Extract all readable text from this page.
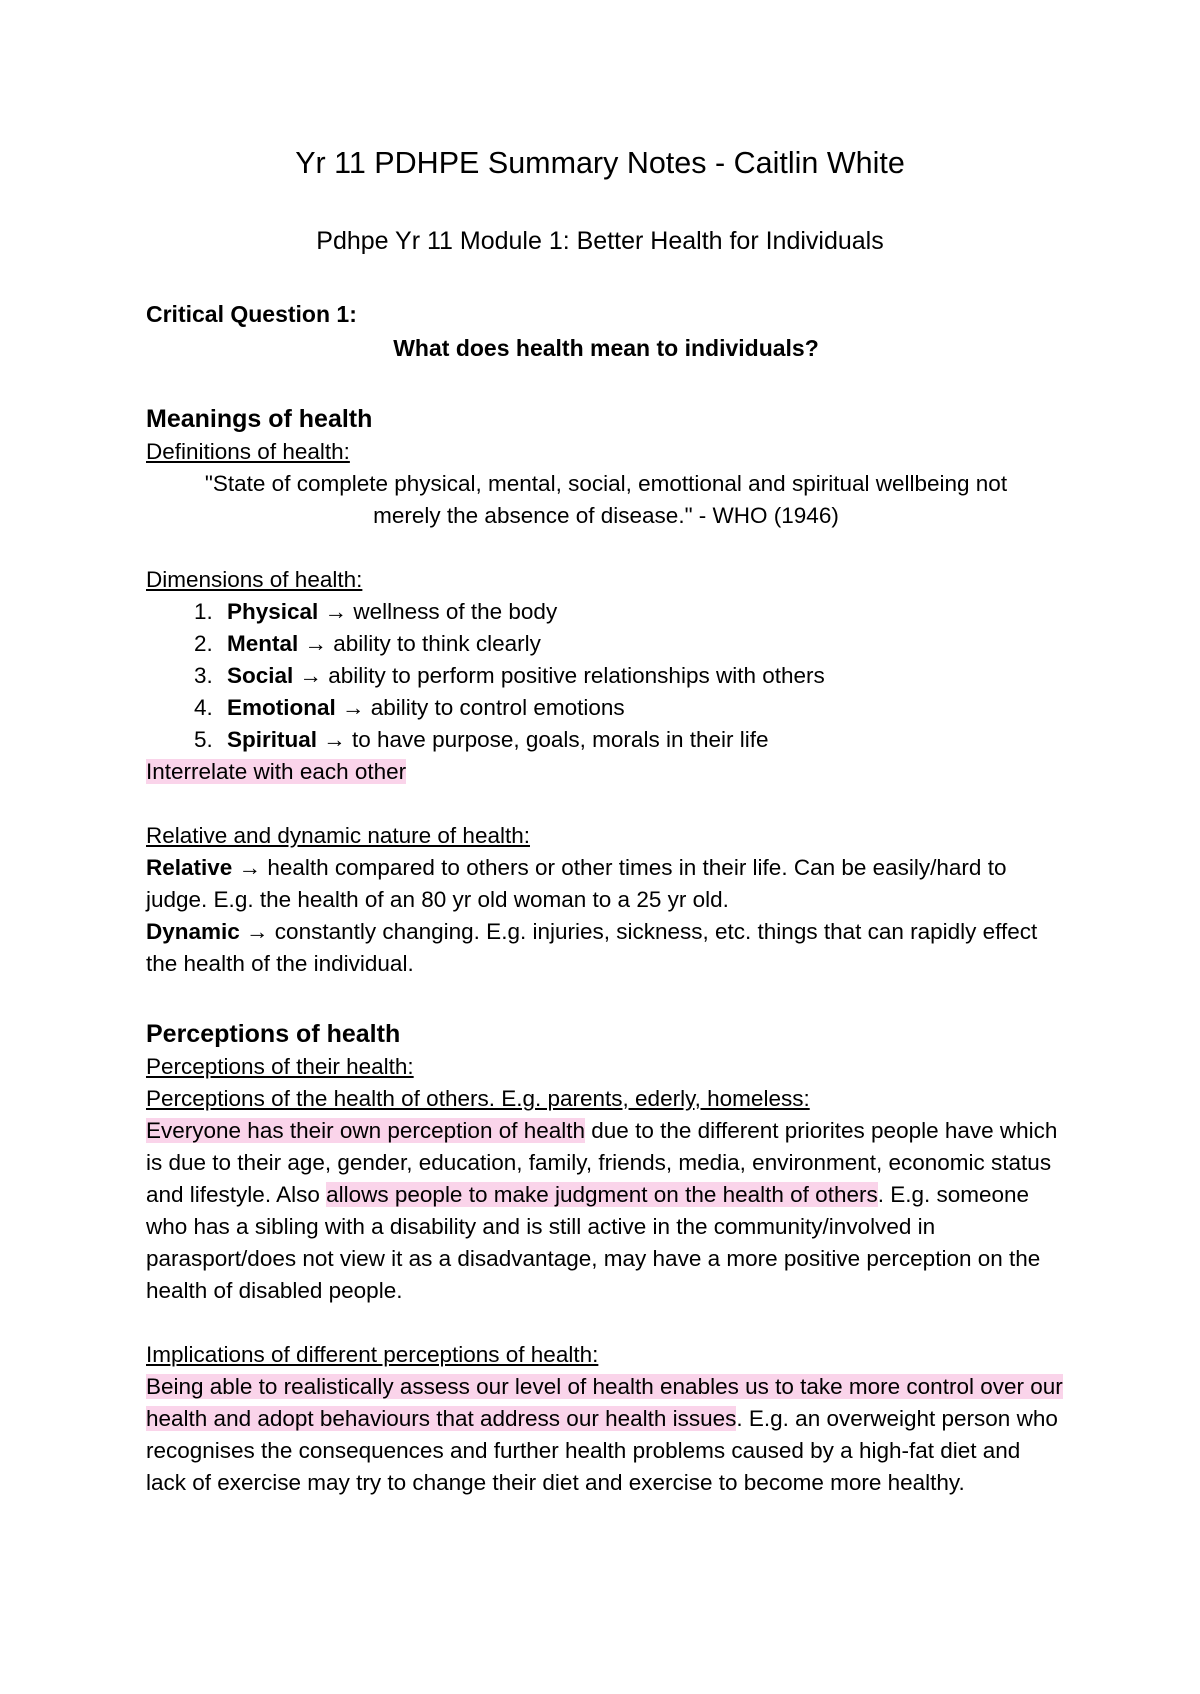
Yr 11 PDHPE Summary Notes - Caitlin White
Pdhpe Yr 11 Module 1: Better Health for Individuals
Critical Question 1:
What does health mean to individuals?
Meanings of health

Definitions of health:

"State of complete physical, mental, social, emottional and spiritual wellbeing not

merely the absence of disease." - WHO (1946)

Dimensions of health:

1. Physical → wellness of the body
2. Mental → ability to think clearly
3. Social → ability to perform positive relationships with others
4. Emotional → ability to control emotions
5. Spiritual → to have purpose, goals, morals in their life

Interrelate with each other

Relative and dynamic nature of health:

Relative → health compared to others or other times in their life. Can be easily/hard to judge. E.g. the health of an 80 yr old woman to a 25 yr old.

Dynamic → constantly changing. E.g. injuries, sickness, etc. things that can rapidly effect the health of the individual.

Perceptions of health

Perceptions of their health:

Perceptions of the health of others. E.g. parents, ederly, homeless:

Everyone has their own perception of health due to the different priorites people have which is due to their age, gender, education, family, friends, media, environment, economic status and lifestyle. Also allows people to make judgment on the health of others. E.g. someone who has a sibling with a disability and is still active in the community/involved in parasport/does not view it as a disadvantage, may have a more positive perception on the health of disabled people.

Implications of different perceptions of health:

Being able to realistically assess our level of health enables us to take more control over our health and adopt behaviours that address our health issues. E.g. an overweight person who recognises the consequences and further health problems caused by a high-fat diet and lack of exercise may try to change their diet and exercise to become more healthy.
